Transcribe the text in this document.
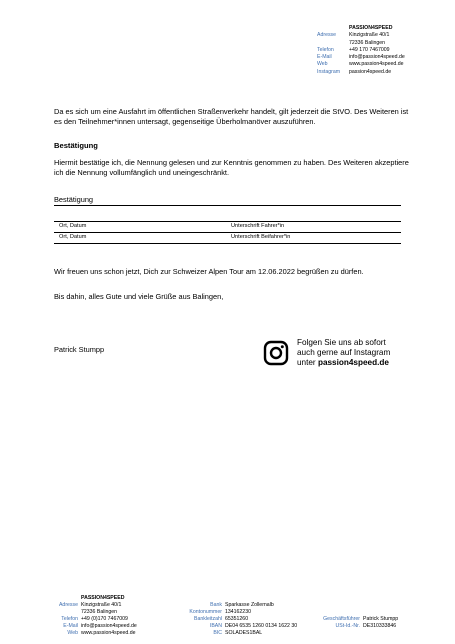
PASSION4SPEED
Adresse	Kinzigstraße 40/1
72336 Balingen
Telefon	+49 170 7467009
E-Mail	info@passion4speed.de
Web	www.passion4speed.de
Instagram	passion4speed.de
Da es sich um eine Ausfahrt im öffentlichen Straßenverkehr handelt, gilt jederzeit die StVO. Des Weiteren ist es den Teilnehmer*innen untersagt, gegenseitige Überholmanöver auszuführen.
Bestätigung
Hiermit bestätige ich, die Nennung gelesen und zur Kenntnis genommen zu haben. Des Weiteren akzeptiere ich die Nennung vollumfänglich und uneingeschränkt.
Bestätigung
Ort, Datum	Unterschrift Fahrer*in
Ort, Datum	Unterschrift Beifahrer*in
Wir freuen uns schon jetzt, Dich zur Schweizer Alpen Tour am 12.06.2022 begrüßen zu dürfen.
Bis dahin, alles Gute und viele Grüße aus Balingen,
Patrick Stumpp
Folgen Sie uns ab sofort
auch gerne auf Instagram
unter passion4speed.de
PASSION4SPEED
Adresse Kinzigstraße 40/1
72336 Balingen
Telefon +49 (0)170 7467009
E-Mail info@passion4speed.de
Web www.passion4speed.de
Bank Sparkasse Zollernalb
Kontonummer 134162230
Bankleitzahl 65351260
IBAN DE04 6535 1260 0134 1622 30
BIC SOLADES1BAL
Geschäftsführer Patrick Stumpp
USt-Id.-Nr. DE310333846
